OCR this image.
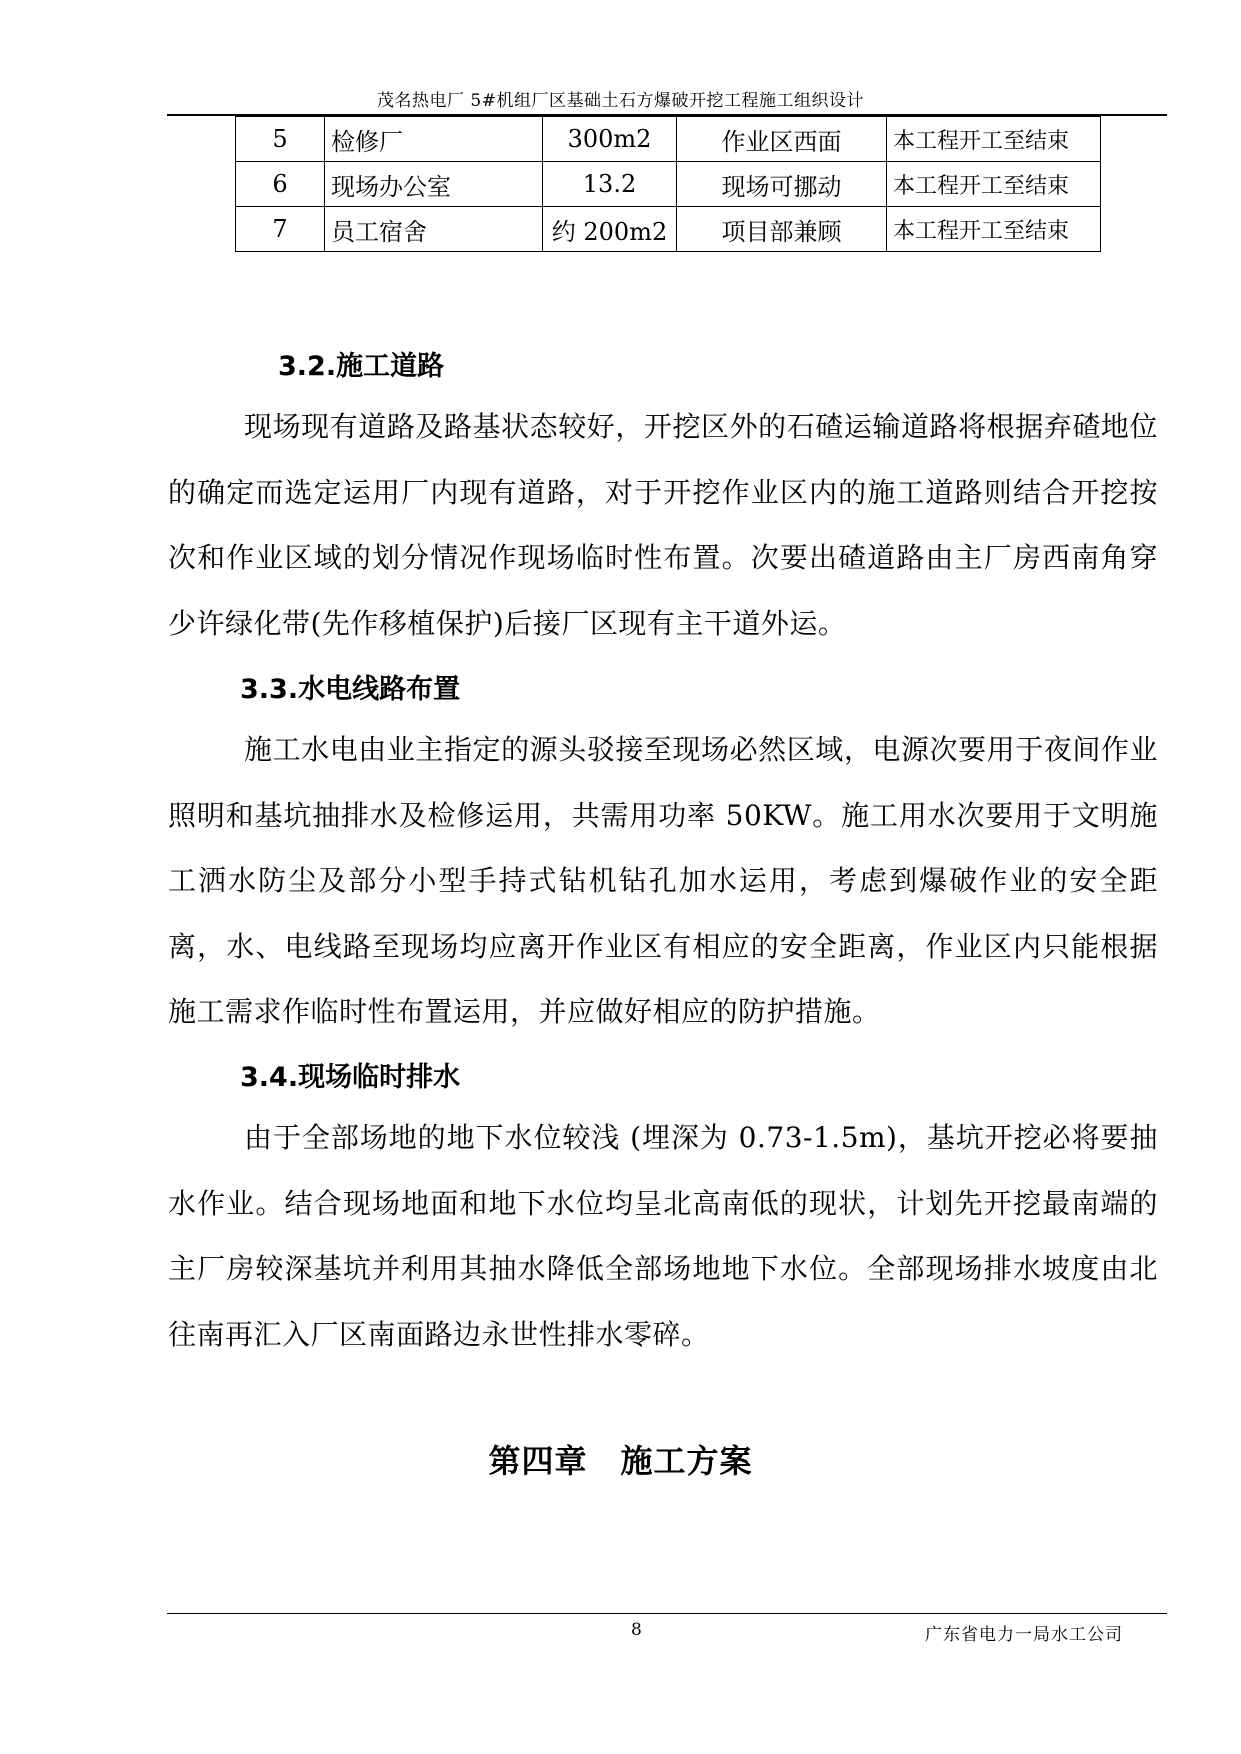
茂名热电厂 5#机组厂区基础土石方爆破开挖工程施工组织设计
5	检修厂	300m2	作业区西面	本工程开工至结束
6	现场办公室	13.2	现场可挪动	本工程开工至结束
7	员工宿舍	约 200m2	项目部兼顾	本工程开工至结束
3.2.施工道路
现场现有道路及路基状态较好，开挖区外的石碴运输道路将根据弃碴地位的确定而选定运用厂内现有道路，对于开挖作业区内的施工道路则结合开挖按次和作业区域的划分情况作现场临时性布置。次要出碴道路由主厂房西南角穿少许绿化带(先作移植保护)后接厂区现有主干道外运。
3.3.水电线路布置
施工水电由业主指定的源头驳接至现场必然区域，电源次要用于夜间作业照明和基坑抽排水及检修运用，共需用功率 50KW。施工用水次要用于文明施工洒水防尘及部分小型手持式钻机钻孔加水运用，考虑到爆破作业的安全距离，水、电线路至现场均应离开作业区有相应的安全距离，作业区内只能根据施工需求作临时性布置运用，并应做好相应的防护措施。
3.4.现场临时排水
由于全部场地的地下水位较浅 (埋深为 0.73-1.5m)，基坑开挖必将要抽水作业。结合现场地面和地下水位均呈北高南低的现状，计划先开挖最南端的主厂房较深基坑并利用其抽水降低全部场地地下水位。全部现场排水坡度由北往南再汇入厂区南面路边永世性排水零碎。
第四章　施工方案
8	广东省电力一局水工公司
